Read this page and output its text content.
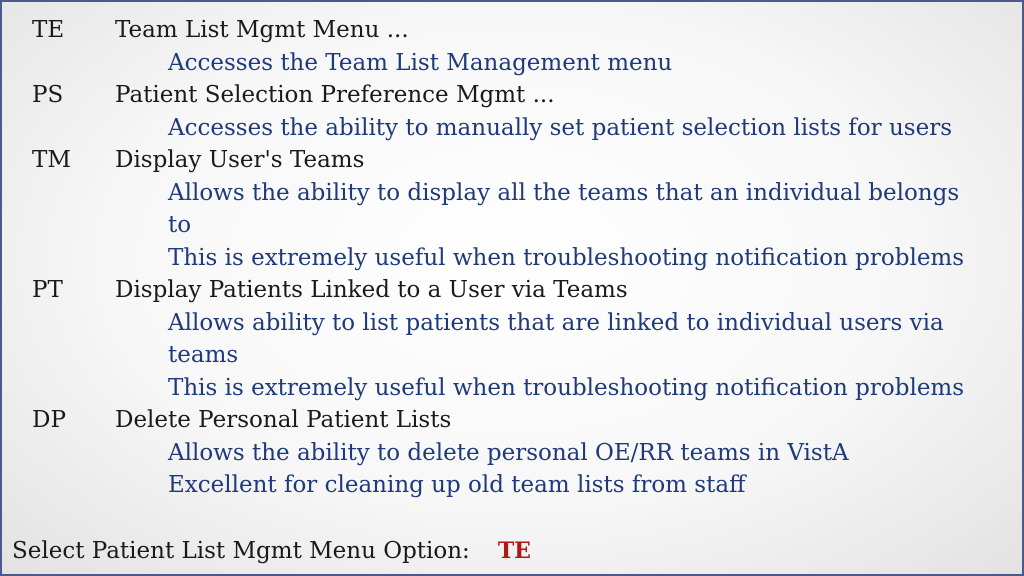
TE Team List Mgmt Menu ...
Accesses the Team List Management menu
PS Patient Selection Preference Mgmt ...
Accesses the ability to manually set patient selection lists for users
TM Display User's Teams
Allows the ability to display all the teams that an individual belongs
to
This is extremely useful when troubleshooting notification problems
PT Display Patients Linked to a User via Teams
Allows ability to list patients that are linked to individual users via
teams
This is extremely useful when troubleshooting notification problems
DP Delete Personal Patient Lists
Allows the ability to delete personal OE/RR teams in VistA
Excellent for cleaning up old team lists from staff
Select Patient List Mgmt Menu Option: TE
